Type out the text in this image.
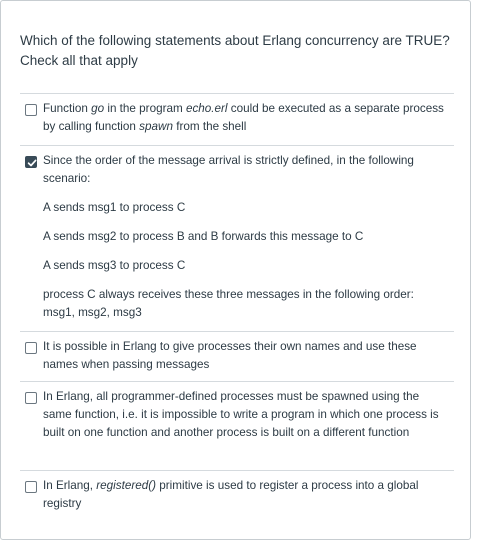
Which of the following statements about Erlang concurrency are TRUE? Check all that apply

Function go in the program echo.erl could be executed as a separate process by calling function spawn from the shell

Since the order of the message arrival is strictly defined, in the following scenario:

A sends msg1 to process C

A sends msg2 to process B and B forwards this message to C

A sends msg3 to process C

process C always receives these three messages in the following order: msg1, msg2, msg3

It is possible in Erlang to give processes their own names and use these names when passing messages

In Erlang, all programmer-defined processes must be spawned using the same function, i.e. it is impossible to write a program in which one process is built on one function and another process is built on a different function

In Erlang, registered() primitive is used to register a process into a global registry
